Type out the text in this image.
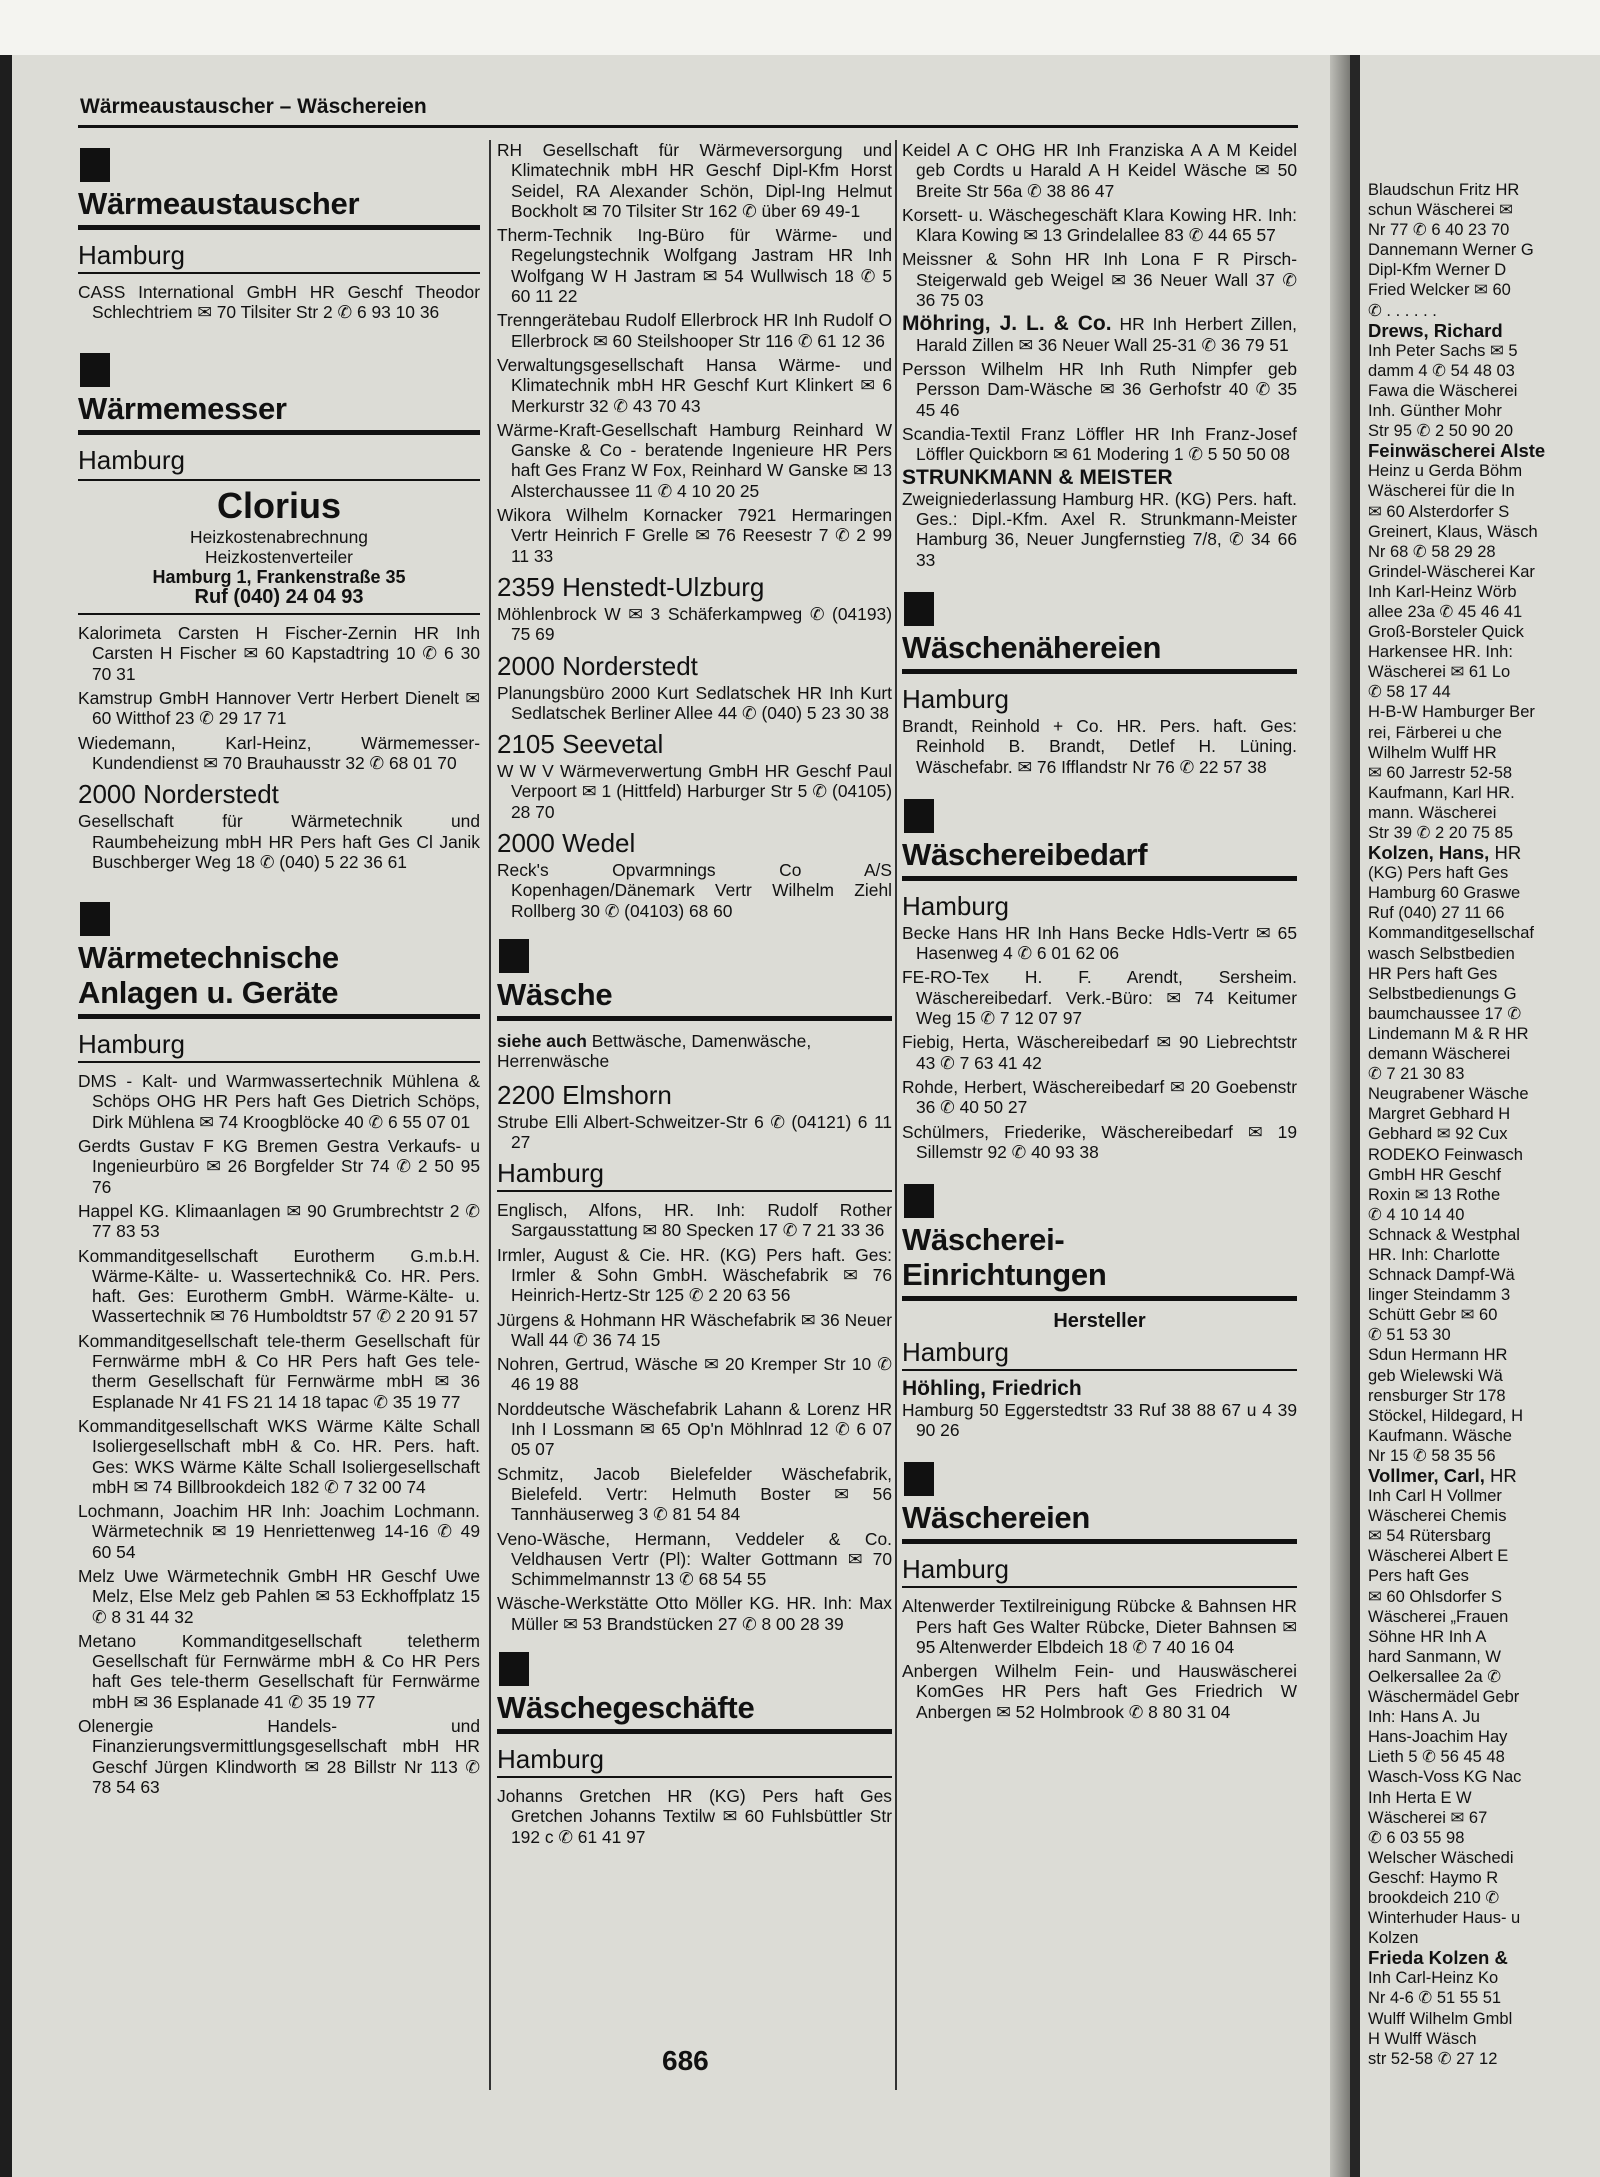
Wärmeaustauscher – Wäschereien
Wärmeaustauscher
Hamburg
CASS International GmbH HR Geschf Theodor Schlechtriem ✉ 70 Tilsiter Str 2 ✆ 6 93 10 36
Wärmemesser
Hamburg
Clorius
Heizkostenabrechnung
Heizkostenverteiler
Hamburg 1, Frankenstraße 35
Ruf (040) 24 04 93
Kalorimeta Carsten H Fischer-Zernin HR Inh Carsten H Fischer ✉ 60 Kapstadtring 10 ✆ 6 30 70 31
Kamstrup GmbH Hannover Vertr Herbert Dienelt ✉ 60 Witthof 23 ✆ 29 17 71
Wiedemann, Karl-Heinz, Wärmemesser-Kundendienst ✉ 70 Brauhausstr 32 ✆ 68 01 70
2000 Norderstedt
Gesellschaft für Wärmetechnik und Raumbeheizung mbH HR Pers haft Ges Cl Janik Buschberger Weg 18 ✆ (040) 5 22 36 61
Wärmetechnische
Anlagen u. Geräte
Hamburg
DMS - Kalt- und Warmwassertechnik Mühlena & Schöps OHG HR Pers haft Ges Dietrich Schöps, Dirk Mühlena ✉ 74 Kroogblöcke 40 ✆ 6 55 07 01
Gerdts Gustav F KG Bremen Gestra Verkaufs- u Ingenieurbüro ✉ 26 Borgfelder Str 74 ✆ 2 50 95 76
Happel KG. Klimaanlagen ✉ 90 Grumbrechtstr 2 ✆ 77 83 53
Kommanditgesellschaft Eurotherm G.m.b.H. Wärme-Kälte- u. Wassertechnik& Co. HR. Pers. haft. Ges: Eurotherm GmbH. Wärme-Kälte- u. Wassertechnik ✉ 76 Humboldtstr 57 ✆ 2 20 91 57
Kommanditgesellschaft tele-therm Gesellschaft für Fernwärme mbH & Co HR Pers haft Ges tele-therm Gesellschaft für Fernwärme mbH ✉ 36 Esplanade Nr 41 FS 21 14 18 tapac ✆ 35 19 77
Kommanditgesellschaft WKS Wärme Kälte Schall Isoliergesellschaft mbH & Co. HR. Pers. haft. Ges: WKS Wärme Kälte Schall Isoliergesellschaft mbH ✉ 74 Billbrookdeich 182 ✆ 7 32 00 74
Lochmann, Joachim HR Inh: Joachim Lochmann. Wärmetechnik ✉ 19 Henriettenweg 14-16 ✆ 49 60 54
Melz Uwe Wärmetechnik GmbH HR Geschf Uwe Melz, Else Melz geb Pahlen ✉ 53 Eckhoffplatz 15 ✆ 8 31 44 32
Metano Kommanditgesellschaft teletherm Gesellschaft für Fernwärme mbH & Co HR Pers haft Ges tele-therm Gesellschaft für Fernwärme mbH ✉ 36 Esplanade 41 ✆ 35 19 77
Olenergie Handels- und Finanzierungsvermittlungsgesellschaft mbH HR Geschf Jürgen Klindworth ✉ 28 Billstr Nr 113 ✆ 78 54 63
RH Gesellschaft für Wärmeversorgung und Klimatechnik mbH HR Geschf Dipl-Kfm Horst Seidel, RA Alexander Schön, Dipl-Ing Helmut Bockholt ✉ 70 Tilsiter Str 162 ✆ über 69 49-1
Therm-Technik Ing-Büro für Wärme- und Regelungstechnik Wolfgang Jastram HR Inh Wolfgang W H Jastram ✉ 54 Wullwisch 18 ✆ 5 60 11 22
Trenngerätebau Rudolf Ellerbrock HR Inh Rudolf O Ellerbrock ✉ 60 Steilshooper Str 116 ✆ 61 12 36
Verwaltungsgesellschaft Hansa Wärme- und Klimatechnik mbH HR Geschf Kurt Klinkert ✉ 6 Merkurstr 32 ✆ 43 70 43
Wärme-Kraft-Gesellschaft Hamburg Reinhard W Ganske & Co - beratende Ingenieure HR Pers haft Ges Franz W Fox, Reinhard W Ganske ✉ 13 Alsterchaussee 11 ✆ 4 10 20 25
Wikora Wilhelm Kornacker 7921 Hermaringen Vertr Heinrich F Grelle ✉ 76 Reesestr 7 ✆ 2 99 11 33
2359 Henstedt-Ulzburg
Möhlenbrock W ✉ 3 Schäferkampweg ✆ (04193) 75 69
2000 Norderstedt
Planungsbüro 2000 Kurt Sedlatschek HR Inh Kurt Sedlatschek Berliner Allee 44 ✆ (040) 5 23 30 38
2105 Seevetal
W W V Wärmeverwertung GmbH HR Geschf Paul Verpoort ✉ 1 (Hittfeld) Harburger Str 5 ✆ (04105) 28 70
2000 Wedel
Reck's Opvarmnings Co A/S Kopenhagen/Dänemark Vertr Wilhelm Ziehl Rollberg 30 ✆ (04103) 68 60
Wäsche
siehe auch Bettwäsche, Damenwäsche, Herrenwäsche
2200 Elmshorn
Strube Elli Albert-Schweitzer-Str 6 ✆ (04121) 6 11 27
Hamburg
Englisch, Alfons, HR. Inh: Rudolf Rother Sargausstattung ✉ 80 Specken 17 ✆ 7 21 33 36
Irmler, August & Cie. HR. (KG) Pers haft. Ges: Irmler & Sohn GmbH. Wäschefabrik ✉ 76 Heinrich-Hertz-Str 125 ✆ 2 20 63 56
Jürgens & Hohmann HR Wäschefabrik ✉ 36 Neuer Wall 44 ✆ 36 74 15
Nohren, Gertrud, Wäsche ✉ 20 Kremper Str 10 ✆ 46 19 88
Norddeutsche Wäschefabrik Lahann & Lorenz HR Inh I Lossmann ✉ 65 Op'n Möhlnrad 12 ✆ 6 07 05 07
Schmitz, Jacob Bielefelder Wäschefabrik, Bielefeld. Vertr: Helmuth Boster ✉ 56 Tannhäuserweg 3 ✆ 81 54 84
Veno-Wäsche, Hermann, Veddeler & Co. Veldhausen Vertr (Pl): Walter Gottmann ✉ 70 Schimmelmannstr 13 ✆ 68 54 55
Wäsche-Werkstätte Otto Möller KG. HR. Inh: Max Müller ✉ 53 Brandstücken 27 ✆ 8 00 28 39
Wäschegeschäfte
Hamburg
Johanns Gretchen HR (KG) Pers haft Ges Gretchen Johanns Textilw ✉ 60 Fuhlsbüttler Str 192 c ✆ 61 41 97
Keidel A C OHG HR Inh Franziska A A M Keidel geb Cordts u Harald A H Keidel Wäsche ✉ 50 Breite Str 56a ✆ 38 86 47
Korsett- u. Wäschegeschäft Klara Kowing HR. Inh: Klara Kowing ✉ 13 Grindelallee 83 ✆ 44 65 57
Meissner & Sohn HR Inh Lona F R Pirsch-Steigerwald geb Weigel ✉ 36 Neuer Wall 37 ✆ 36 75 03
Möhring, J. L. & Co. HR Inh Herbert Zillen, Harald Zillen ✉ 36 Neuer Wall 25-31 ✆ 36 79 51
Persson Wilhelm HR Inh Ruth Nimpfer geb Persson Dam-Wäsche ✉ 36 Gerhofstr 40 ✆ 35 45 46
Scandia-Textil Franz Löffler HR Inh Franz-Josef Löffler Quickborn ✉ 61 Modering 1 ✆ 5 50 50 08
STRUNKMANN & MEISTER
Zweigniederlassung Hamburg HR. (KG) Pers. haft. Ges.: Dipl.-Kfm. Axel R. Strunkmann-Meister Hamburg 36, Neuer Jungfernstieg 7/8, ✆ 34 66 33
Wäschenähereien
Hamburg
Brandt, Reinhold + Co. HR. Pers. haft. Ges: Reinhold B. Brandt, Detlef H. Lüning. Wäschefabr. ✉ 76 Ifflandstr Nr 76 ✆ 22 57 38
Wäschereibedarf
Hamburg
Becke Hans HR Inh Hans Becke Hdls-Vertr ✉ 65 Hasenweg 4 ✆ 6 01 62 06
FE-RO-Tex H. F. Arendt, Sersheim. Wäschereibedarf. Verk.-Büro: ✉ 74 Keitumer Weg 15 ✆ 7 12 07 97
Fiebig, Herta, Wäschereibedarf ✉ 90 Liebrechtstr 43 ✆ 7 63 41 42
Rohde, Herbert, Wäschereibedarf ✉ 20 Goebenstr 36 ✆ 40 50 27
Schülmers, Friederike, Wäschereibedarf ✉ 19 Sillemstr 92 ✆ 40 93 38
Wäscherei-
Einrichtungen
Hersteller
Hamburg
Höhling, Friedrich
Hamburg 50 Eggerstedtstr 33 Ruf 38 88 67 u 4 39 90 26
Wäschereien
Hamburg
Altenwerder Textilreinigung Rübcke & Bahnsen HR Pers haft Ges Walter Rübcke, Dieter Bahnsen ✉ 95 Altenwerder Elbdeich 18 ✆ 7 40 16 04
Anbergen Wilhelm Fein- und Hauswäscherei KomGes HR Pers haft Ges Friedrich W Anbergen ✉ 52 Holmbrook ✆ 8 80 31 04
686
Blaudschun Fritz HR
schun Wäscherei ✉
Nr 77 ✆ 6 40 23 70
Dannemann Werner G
Dipl-Kfm Werner D
Fried Welcker ✉ 60
✆ . . . . . .
Drews, Richard
Inh Peter Sachs ✉ 5
damm 4 ✆ 54 48 03
Fawa die Wäscherei
Inh. Günther Mohr
Str 95 ✆ 2 50 90 20
Feinwäscherei Alste
Heinz u Gerda Böhm
Wäscherei für die In
✉ 60 Alsterdorfer S
Greinert, Klaus, Wäsch
Nr 68 ✆ 58 29 28
Grindel-Wäscherei Kar
Inh Karl-Heinz Wörb
allee 23a ✆ 45 46 41
Groß-Borsteler Quick
Harkensee HR. Inh:
Wäscherei ✉ 61 Lo
✆ 58 17 44
H-B-W Hamburger Ber
rei, Färberei u che
Wilhelm Wulff HR
✉ 60 Jarrestr 52-58
Kaufmann, Karl HR.
mann. Wäscherei
Str 39 ✆ 2 20 75 85
Kolzen, Hans, HR
(KG) Pers haft Ges
Hamburg 60 Graswe
Ruf (040) 27 11 66
Kommanditgesellschaf
wasch Selbstbedien
HR Pers haft Ges
Selbstbedienungs G
baumchaussee 17 ✆
Lindemann M & R HR
demann Wäscherei
✆ 7 21 30 83
Neugrabener Wäsche
Margret Gebhard H
Gebhard ✉ 92 Cux
RODEKO Feinwasch
GmbH HR Geschf
Roxin ✉ 13 Rothe
✆ 4 10 14 40
Schnack & Westphal
HR. Inh: Charlotte
Schnack Dampf-Wä
linger Steindamm 3
Schütt Gebr ✉ 60
✆ 51 53 30
Sdun Hermann HR
geb Wielewski Wä
rensburger Str 178
Stöckel, Hildegard, H
Kaufmann. Wäsche
Nr 15 ✆ 58 35 56
Vollmer, Carl, HR
Inh Carl H Vollmer
Wäscherei Chemis
✉ 54 Rütersbarg
Wäscherei Albert E
Pers haft Ges
✉ 60 Ohlsdorfer S
Wäscherei „Frauen
Söhne HR Inh A
hard Sanmann, W
Oelkersallee 2a ✆
Wäschermädel Gebr
Inh: Hans A. Ju
Hans-Joachim Hay
Lieth 5 ✆ 56 45 48
Wasch-Voss KG Nac
Inh Herta E W
Wäscherei ✉ 67
✆ 6 03 55 98
Welscher Wäschedi
Geschf: Haymo R
brookdeich 210 ✆
Winterhuder Haus- u
Kolzen
Frieda Kolzen &
Inh Carl-Heinz Ko
Nr 4-6 ✆ 51 55 51
Wulff Wilhelm Gmbl
H Wulff Wäsch
str 52-58 ✆ 27 12
